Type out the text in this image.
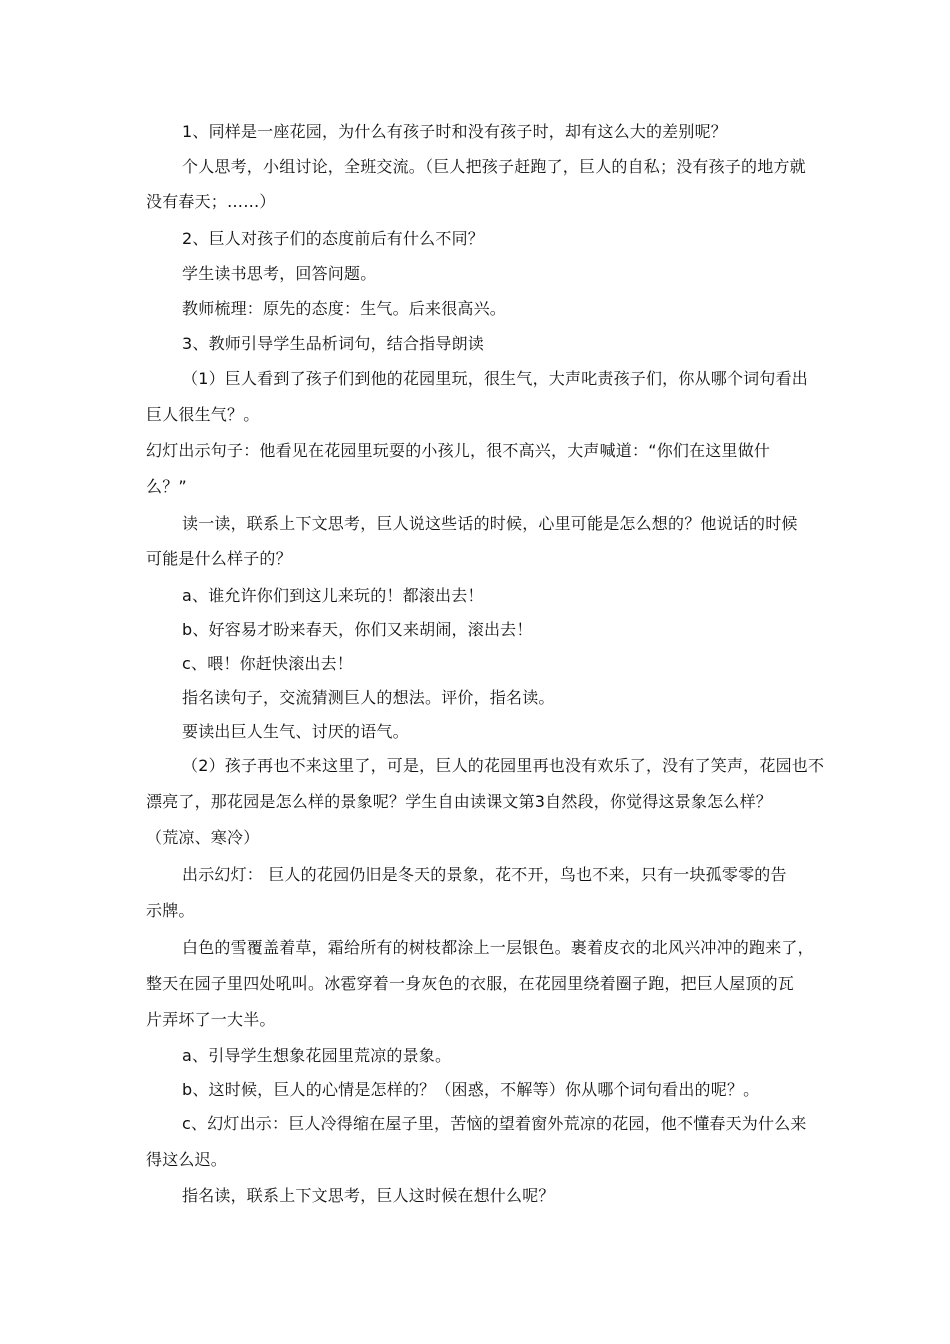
1、同样是一座花园，为什么有孩子时和没有孩子时，却有这么大的差别呢？
个人思考，小组讨论，全班交流。（巨人把孩子赶跑了，巨人的自私；没有孩子的地方就
没有春天；……）
2、巨人对孩子们的态度前后有什么不同？
学生读书思考，回答问题。
教师梳理：原先的态度：生气。后来很高兴。
3、教师引导学生品析词句，结合指导朗读
（1）巨人看到了孩子们到他的花园里玩，很生气，大声叱责孩子们，你从哪个词句看出
巨人很生气？。
幻灯出示句子：他看见在花园里玩耍的小孩儿，很不高兴，大声喊道：“你们在这里做什
么？”
读一读，联系上下文思考，巨人说这些话的时候，心里可能是怎么想的？他说话的时候
可能是什么样子的？
a、谁允许你们到这儿来玩的！都滚出去！
b、好容易才盼来春天，你们又来胡闹，滚出去！
c、喂！你赶快滚出去！
指名读句子，交流猜测巨人的想法。评价，指名读。
要读出巨人生气、讨厌的语气。
（2）孩子再也不来这里了，可是，巨人的花园里再也没有欢乐了，没有了笑声，花园也不
漂亮了，那花园是怎么样的景象呢？学生自由读课文第3自然段，你觉得这景象怎么样？
（荒凉、寒冷）
出示幻灯： 巨人的花园仍旧是冬天的景象，花不开，鸟也不来，只有一块孤零零的告
示牌。
白色的雪覆盖着草，霜给所有的树枝都涂上一层银色。裹着皮衣的北风兴冲冲的跑来了，
整天在园子里四处吼叫。冰雹穿着一身灰色的衣服，在花园里绕着圈子跑，把巨人屋顶的瓦
片弄坏了一大半。
a、引导学生想象花园里荒凉的景象。
b、这时候，巨人的心情是怎样的？（困惑，不解等）你从哪个词句看出的呢？。
c、幻灯出示：巨人冷得缩在屋子里，苦恼的望着窗外荒凉的花园，他不懂春天为什么来
得这么迟。
指名读，联系上下文思考，巨人这时候在想什么呢？
